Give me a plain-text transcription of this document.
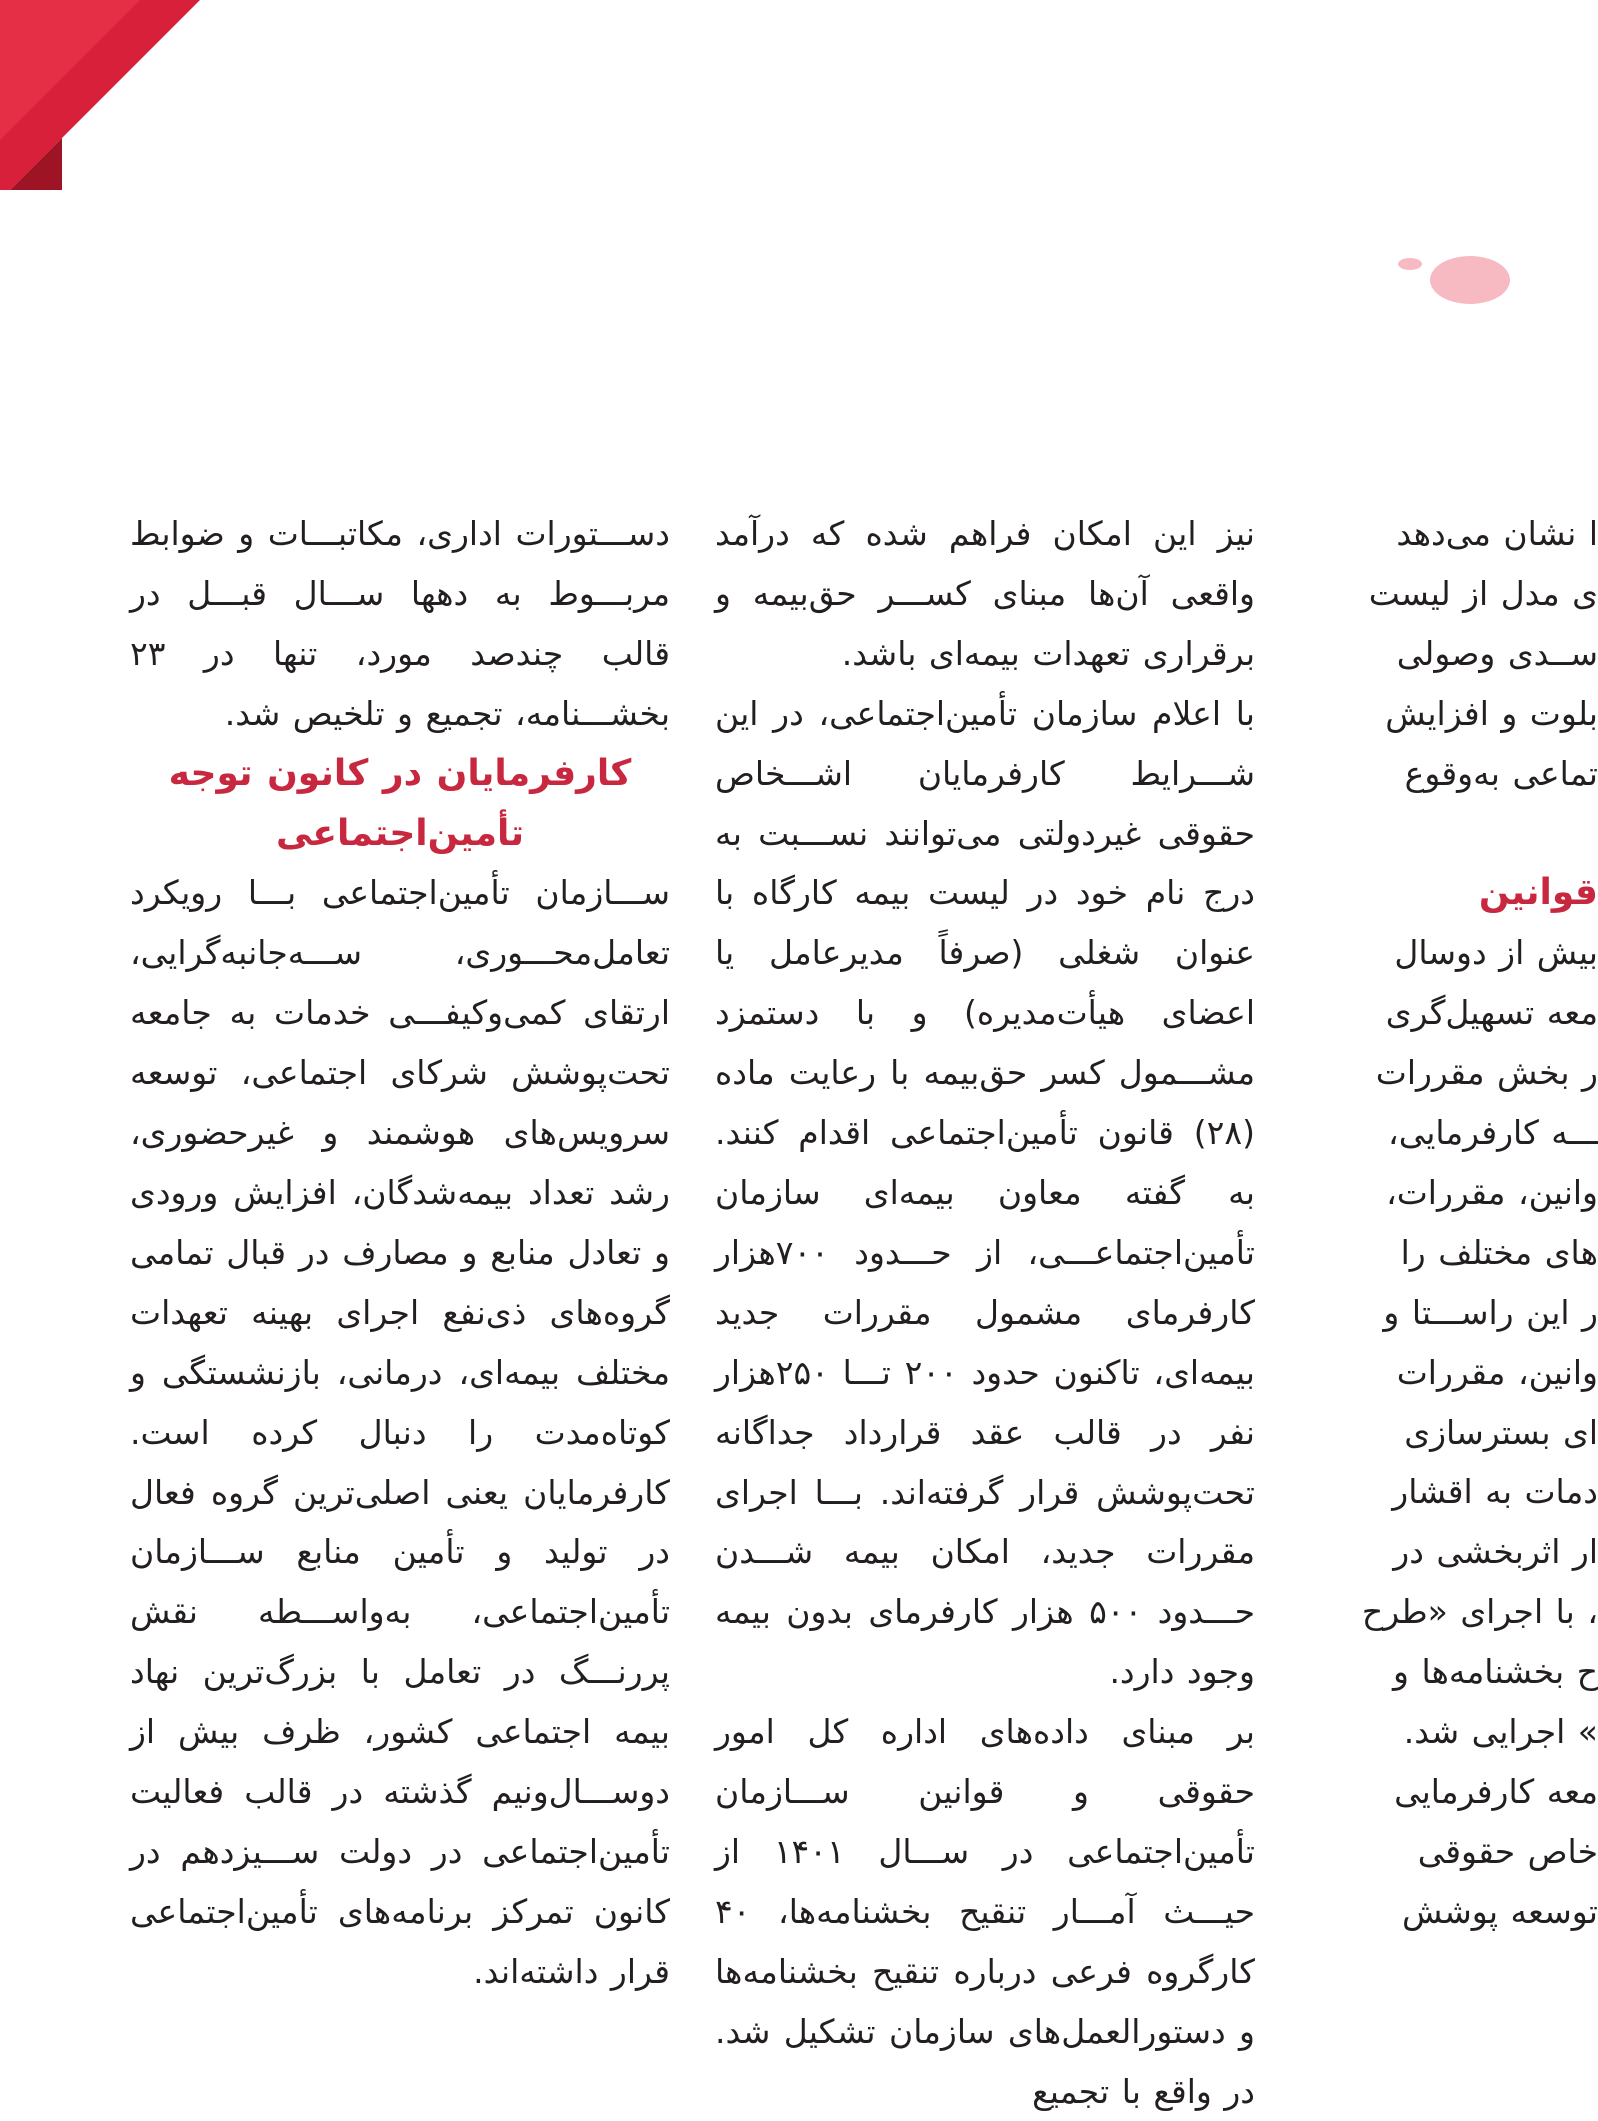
دســـتورات اداری، مکاتبـــات و ضوابط مربـــوط به دهها ســـال قبـــل در قالب چندصد مورد، تنها در ۲۳ بخشـــنامه، تجمیع و تلخیص شد.

کارفرمایان در کانون توجه تأمین‌اجتماعی

ســـازمان تأمین‌اجتماعی بـــا رویکرد تعامل‌محـــوری، ســـه‌جانبه‌گرایی، ارتقای کمی‌و‌کیفـــی خدمات به جامعه تحت‌پوشش شرکای اجتماعی، توسعه سرویس‌های هوشمند و غیرحضوری، رشد تعداد بیمه‌شدگان، افزایش ورودی و تعادل منابع و مصارف در قبال تمامی گروه‌های ذی‌نفع اجرای بهینه تعهدات مختلف بیمه‌ای، درمانی، بازنشستگی و کوتاه‌مدت را دنبال کرده است. کارفرمایان یعنی اصلی‌ترین گروه فعال در تولید و تأمین منابع ســـازمان تأمین‌اجتماعی، به‌واســـطه نقش پررنـــگ در تعامل با بزرگ‌ترین نهاد بیمه اجتماعی کشور، ظرف بیش از دوســـال‌و‌نیم گذشته در قالب فعالیت تأمین‌اجتماعی در دولت ســـیزدهم در کانون تمرکز برنامه‌های تأمین‌اجتماعی قرار داشته‌اند.

نیز این امکان فراهم شده که درآمد واقعی آن‌ها مبنای کســـر حق‌بیمه و برقراری تعهدات بیمه‌ای باشد.

با اعلام سازمان تأمین‌اجتماعی، در این شـــرایط کارفرمایان اشـــخاص حقوقی غیردولتی می‌توانند نســـبت به درج نام خود در لیست بیمه کارگاه با عنوان شغلی (صرفاً مدیرعامل یا اعضای هیأت‌مدیره) و با دستمزد مشـــمول کسر حق‌بیمه با رعایت ماده (۲۸) قانون تأمین‌اجتماعی اقدام کنند. به گفته معاون بیمه‌ای سازمان تأمین‌اجتماعـــی، از حـــدود ۷۰۰هزار کارفرمای مشمول مقررات جدید بیمه‌ای، تاکنون حدود ۲۰۰ تـــا ۲۵۰هزار نفر در قالب عقد قرارداد جداگانه تحت‌پوشش قرار گرفته‌اند. بـــا اجرای مقررات جدید، امکان بیمه شـــدن حـــدود ۵۰۰ هزار کارفرمای بدون بیمه وجود دارد.

بر مبنای داده‌های اداره کل امور حقوقی و قوانین ســـازمان تأمین‌اجتماعی در ســـال ۱۴۰۱ از حیـــث آمـــار تنقیح بخشنامه‌ها، ۴۰ کارگروه فرعی درباره تنقیح بخشنامه‌ها و دستورالعمل‌های سازمان تشکیل شد. در واقع با تجمیع

ا نشان می‌دهد

ی مدل از لیست

ســدی وصولی

بلوت و افزایش

تماعی به‌وقوع

قوانین

بیش از دوسال

معه تسهیل‌گری

ر بخش مقررات

ـــه کارفرمایی،

وانین، مقررات،

های مختلف را

ر این راســـتا و

وانین، مقررات

ای بسترسازی

دمات به اقشار

ار اثربخشی در

، با اجرای «طرح

ح بخشنامه‌ها و

» اجرایی شد.

معه کارفرمایی

خاص حقوقی

توسعه پوشش
